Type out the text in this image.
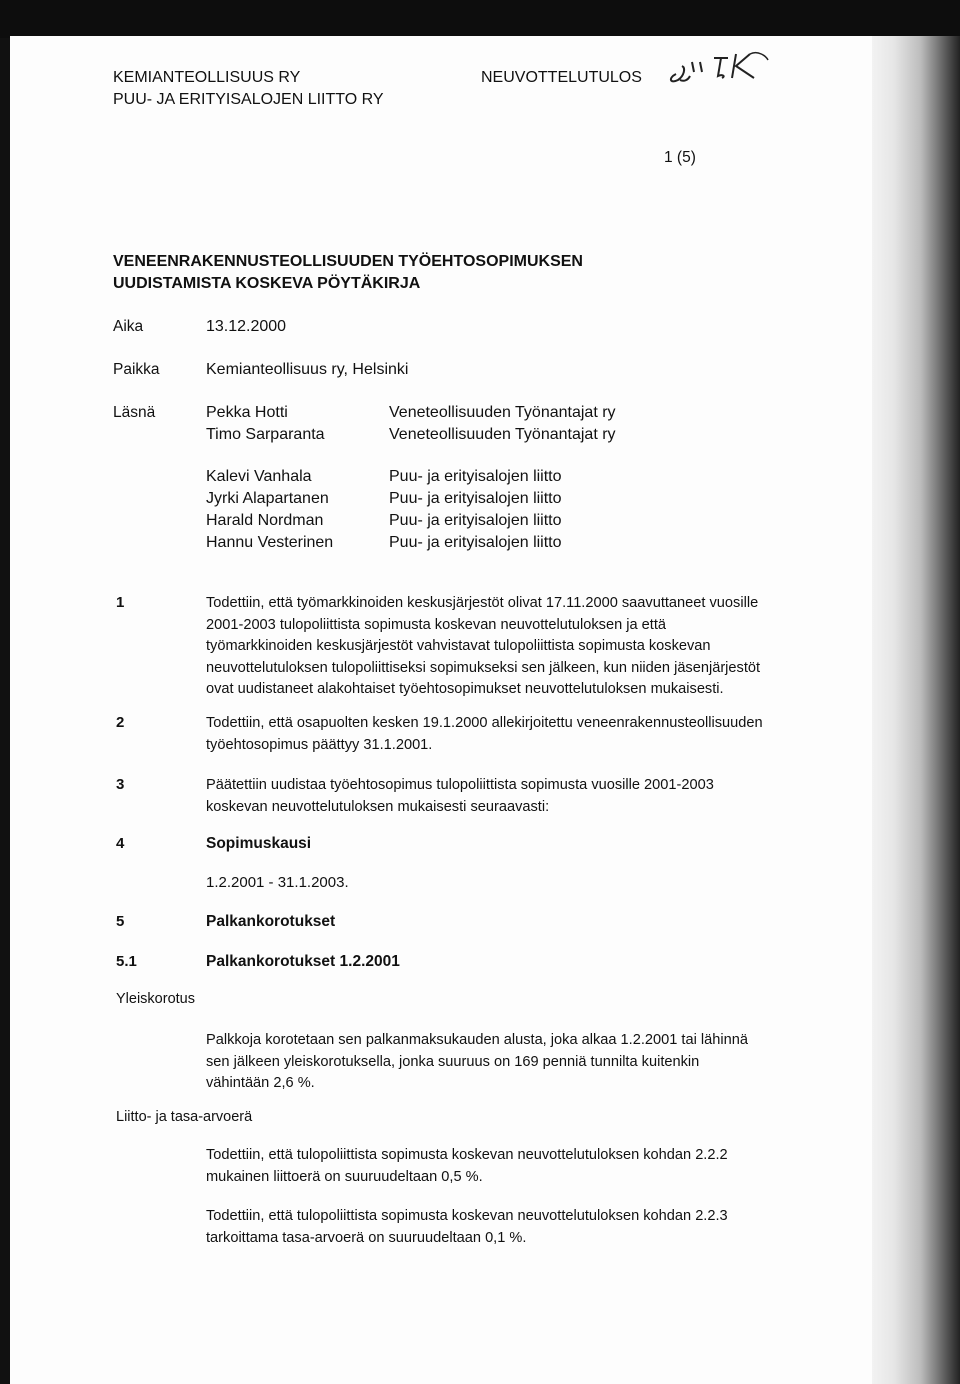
KEMIANTEOLLISUUS RY
PUU- JA ERITYISALOJEN LIITTO RY
NEUVOTTELUTULOS
1 (5)
VENEENRAKENNUSTEOLLISUUDEN TYÖEHTOSOPIMUKSEN
UUDISTAMISTA KOSKEVA PÖYTÄKIRJA
Aika	13.12.2000
Paikka	Kemianteollisuus ry, Helsinki
Läsnä	Pekka Hotti	Veneteollisuuden Työnantajat ry
Timo Sarparanta	Veneteollisuuden Työnantajat ry
Kalevi Vanhala	Puu- ja erityisalojen liitto
Jyrki Alapartanen	Puu- ja erityisalojen liitto
Harald Nordman	Puu- ja erityisalojen liitto
Hannu Vesterinen	Puu- ja erityisalojen liitto
1	Todettiin, että työmarkkinoiden keskusjärjestöt olivat 17.11.2000 saavuttaneet vuosille
2001-2003 tulopoliittista sopimusta koskevan neuvottelutuloksen ja että
työmarkkinoiden keskusjärjestöt vahvistavat tulopoliittista sopimusta koskevan
neuvottelutuloksen tulopoliittiseksi sopimukseksi sen jälkeen, kun niiden jäsenjärjestöt
ovat uudistaneet alakohtaiset työehtosopimukset neuvottelutuloksen mukaisesti.
2	Todettiin, että osapuolten kesken 19.1.2000 allekirjoitettu veneenrakennusteollisuuden
työehtosopimus päättyy 31.1.2001.
3	Päätettiin uudistaa työehtosopimus tulopoliittista sopimusta vuosille 2001-2003
koskevan neuvottelutuloksen mukaisesti seuraavasti:
4	Sopimuskausi
1.2.2001 - 31.1.2003.
5	Palkankorotukset
5.1	Palkankorotukset 1.2.2001
Yleiskorotus
Palkkoja korotetaan sen palkanmaksukauden alusta, joka alkaa 1.2.2001 tai lähinnä
sen jälkeen yleiskorotuksella, jonka suuruus on 169 penniä tunnilta kuitenkin
vähintään 2,6 %.
Liitto- ja tasa-arvoerä
Todettiin, että tulopoliittista sopimusta koskevan neuvottelutuloksen kohdan 2.2.2
mukainen liittoerä on suuruudeltaan 0,5 %.
Todettiin, että tulopoliittista sopimusta koskevan neuvottelutuloksen kohdan 2.2.3
tarkoittama tasa-arvoerä on suuruudeltaan 0,1 %.
